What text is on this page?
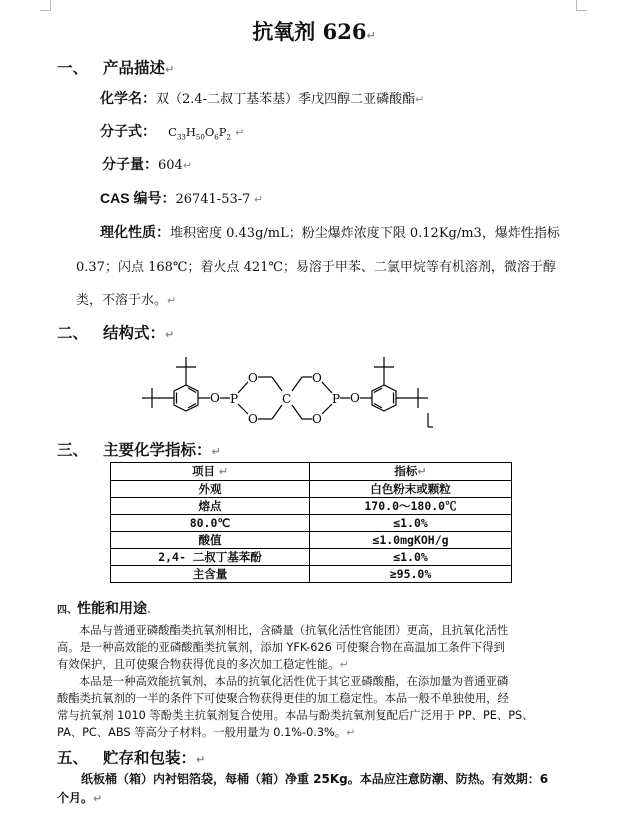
抗氧剂 626↵
一、 产品描述↵
化学名：双（2.4-二叔丁基苯基）季戊四醇二亚磷酸酯↵
分子式： $C_{33}H_{50}O_6P_2$ ↵
分子量：604↵
CAS 编号：26741-53-7 ↵
理化性质：堆积密度 0.43g/mL；粉尘爆炸浓度下限 0.12Kg/m3，爆炸性指标
0.37；闪点 168℃；着火点 421℃；易溶于甲苯、二氯甲烷等有机溶剂，微溶于醇
类，不溶于水。↵
二、 结构式：↵
O P
O
O
C
O
O
P O
三、 主要化学指标：↵
项目 ↵	指标↵
外观	白色粉末或颗粒
熔点	170.0～180.0℃
80.0℃	≤1.0%
酸值	≤1.0mgKOH/g
2,4- 二叔丁基苯酚	≤1.0%
主含量	≥95.0%
四、性能和用途.
本品与普通亚磷酸酯类抗氧剂相比，含磷量（抗氧化活性官能团）更高，且抗氧化活性
高。是一种高效能的亚磷酸酯类抗氧剂，添加 YFK-626 可使聚合物在高温加工条件下得到
有效保护，且可使聚合物获得优良的多次加工稳定性能。↵
本品是一种高效能抗氧剂，本品的抗氧化活性优于其它亚磷酸酯，在添加量为普通亚磷
酸酯类抗氧剂的一半的条件下可使聚合物获得更佳的加工稳定性。本品一般不单独使用，经
常与抗氧剂 1010 等酚类主抗氧剂复合使用。本品与酚类抗氧剂复配后广泛用于 PP、PE、PS、
PA、PC、ABS 等高分子材料。一般用量为 0.1%-0.3%。↵
五、 贮存和包装：↵
纸板桶（箱）内衬铝箔袋，每桶（箱）净重 25Kg。本品应注意防潮、防热。有效期：6
个月。↵
